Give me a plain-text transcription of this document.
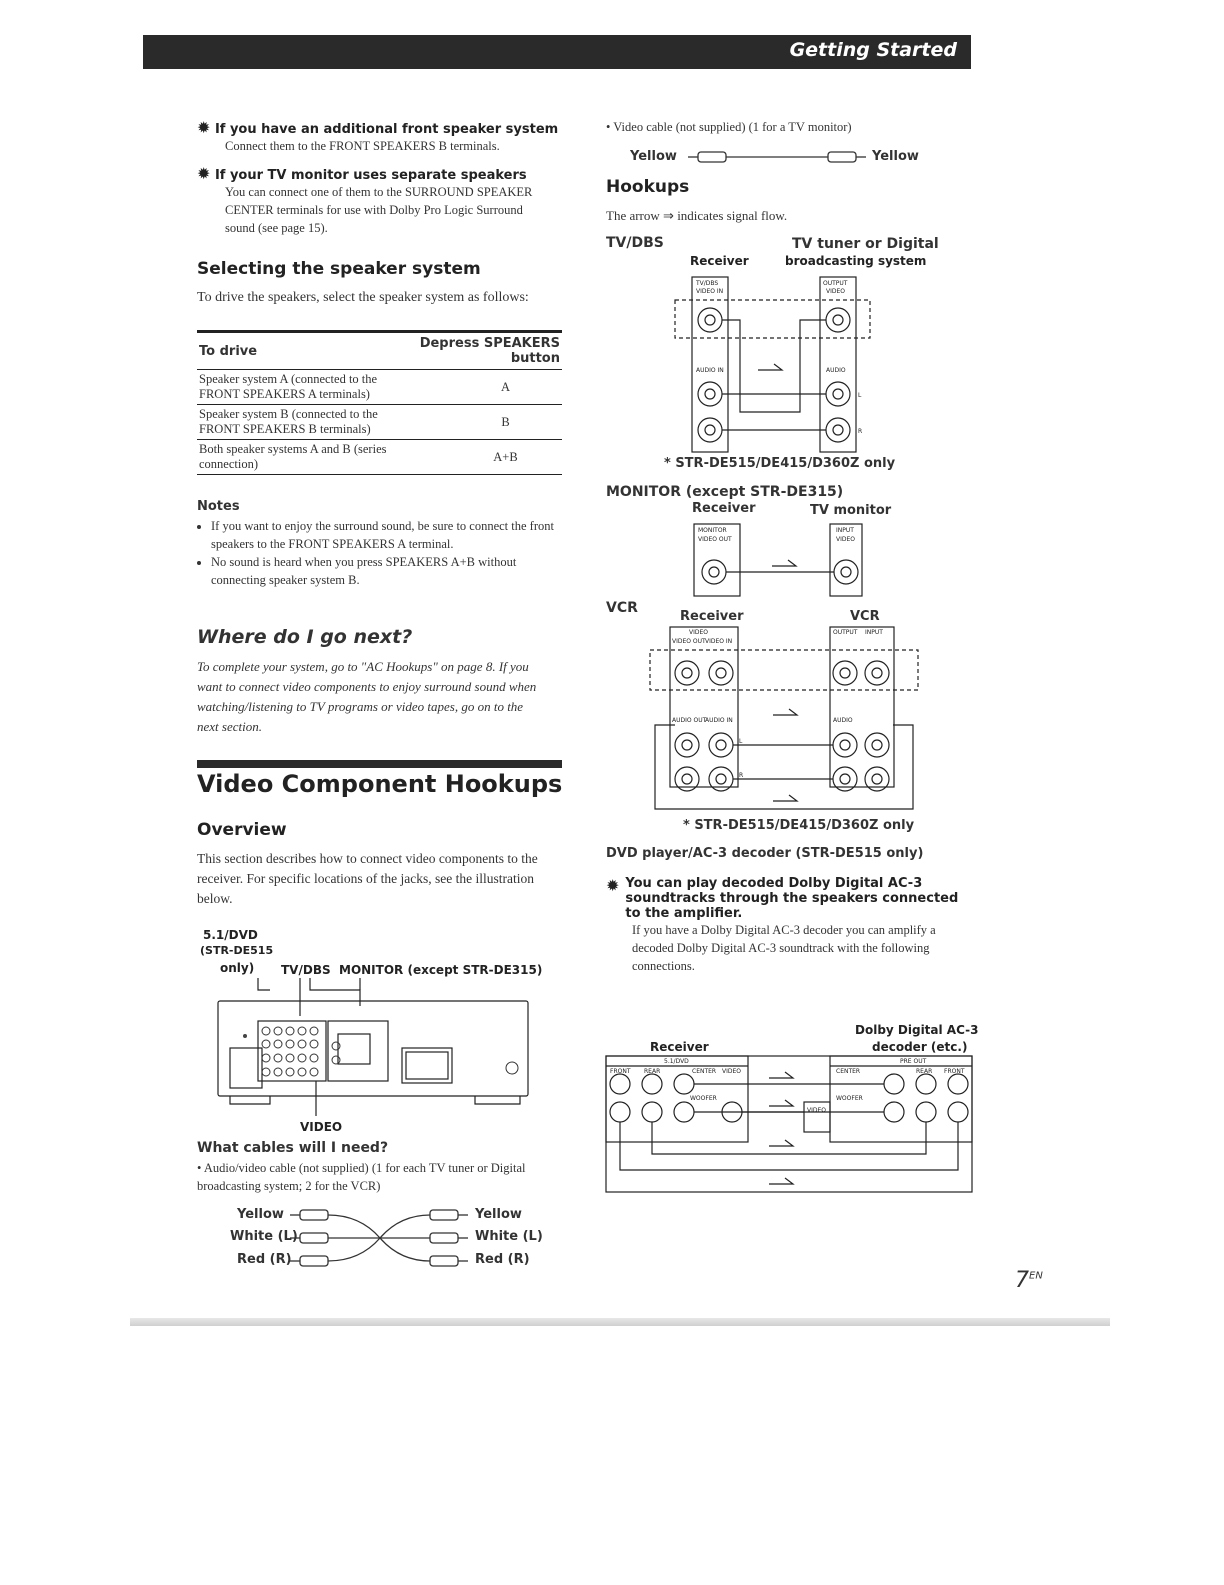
Getting Started
✹ If you have an additional front speaker system
Connect them to the FRONT SPEAKERS B terminals.
✹ If your TV monitor uses separate speakers
You can connect one of them to the SURROUND SPEAKER CENTER terminals for use with Dolby Pro Logic Surround sound (see page 15).
Selecting the speaker system
To drive the speakers, select the speaker system as follows:
To drive	Depress SPEAKERS button
Speaker system A (connected to the FRONT SPEAKERS A terminals)	A
Speaker system B (connected to the FRONT SPEAKERS B terminals)	B
Both speaker systems A and B (series connection)	A+B
Notes
• If you want to enjoy the surround sound, be sure to connect the front speakers to the FRONT SPEAKERS A terminal.
• No sound is heard when you press SPEAKERS A+B without connecting speaker system B.
Where do I go next?
To complete your system, go to "AC Hookups" on page 8. If you want to connect video components to enjoy surround sound when watching/listening to TV programs or video tapes, go on to the next section.
Video Component Hookups
Overview
This section describes how to connect video components to the receiver. For specific locations of the jacks, see the illustration below.
5.1/DVD
(STR-DE515
only) TV/DBS MONITOR (except STR-DE315)
VIDEO
What cables will I need?
• Audio/video cable (not supplied) (1 for each TV tuner or Digital broadcasting system; 2 for the VCR)
Yellow
White (L)
Red (R)
Yellow
White (L)
Red (R)
• Video cable (not supplied) (1 for a TV monitor)
Yellow	Yellow
Hookups
The arrow ⇒ indicates signal flow.
TV/DBS
Receiver
TV tuner or Digital
broadcasting system
TV/DBS
VIDEO IN
AUDIO IN
OUTPUT
VIDEO
AUDIO
L
R
* STR-DE515/DE415/D360Z only
MONITOR (except STR-DE315)
Receiver	TV monitor
MONITOR
VIDEO OUT
INPUT
VIDEO
VCR
Receiver	VCR
VIDEO
VIDEO OUT VIDEO IN
AUDIO OUT
AUDIO IN
OUTPUT INPUT
AUDIO
L
R
* STR-DE515/DE415/D360Z only
DVD player/AC-3 decoder (STR-DE515 only)
✹ You can play decoded Dolby Digital AC-3 soundtracks through the speakers connected to the amplifier.
If you have a Dolby Digital AC-3 decoder you can amplify a decoded Dolby Digital AC-3 soundtrack with the following connections.
Dolby Digital AC-3
decoder (etc.)
Receiver
5.1/DVD
FRONT REAR	CENTER VIDEO
WOOFER
PRE OUT
CENTER	REAR FRONT
WOOFER
VIDEO
$7^{EN}$
